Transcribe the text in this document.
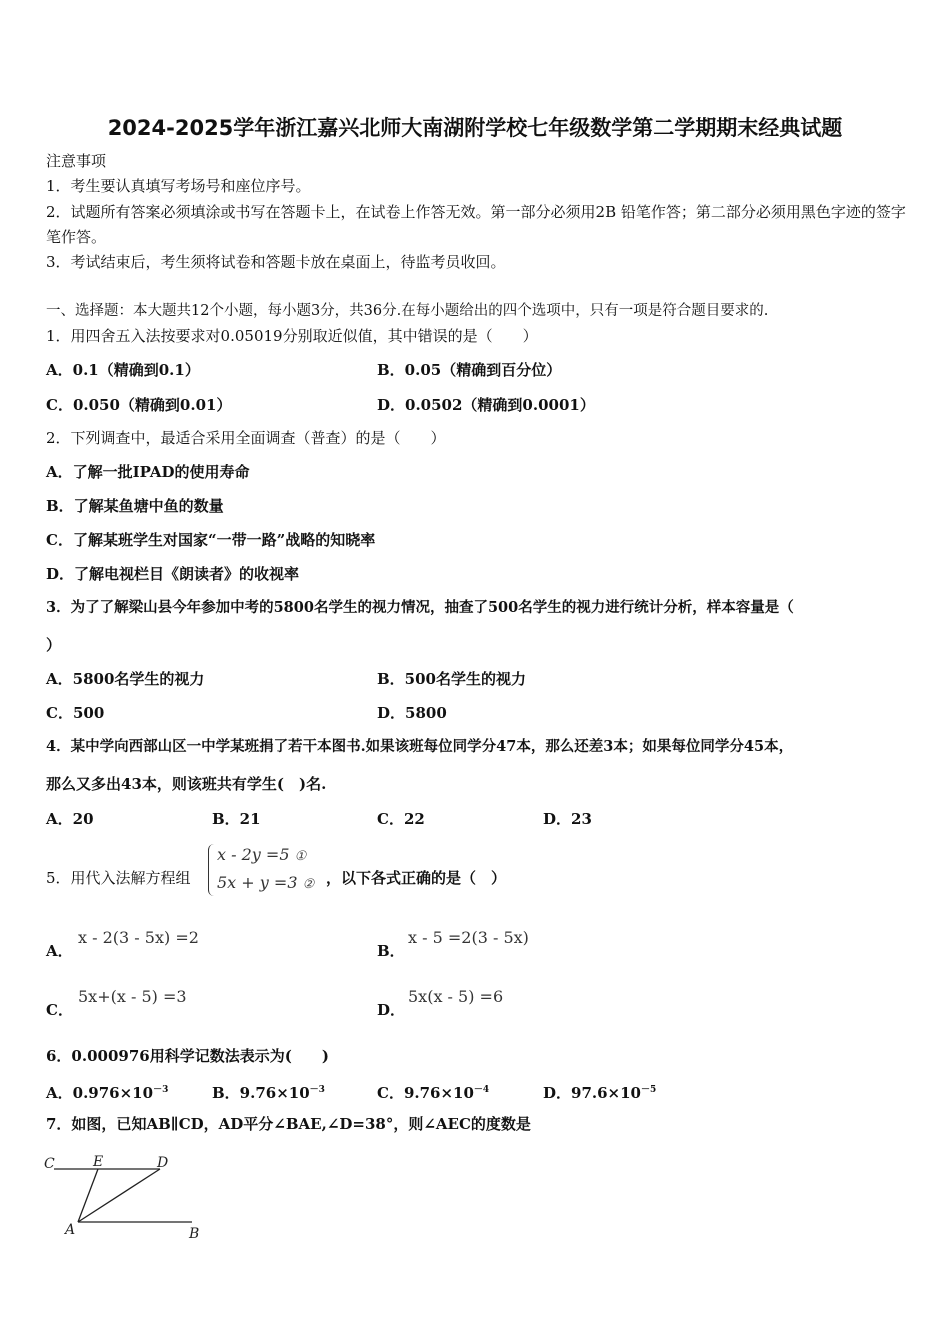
2024-2025学年浙江嘉兴北师大南湖附学校七年级数学第二学期期末经典试题
注意事项
1．考生要认真填写考场号和座位序号。
2．试题所有答案必须填涂或书写在答题卡上，在试卷上作答无效。第一部分必须用2B 铅笔作答；第二部分必须用黑色字迹的签字笔作答。
3．考试结束后，考生须将试卷和答题卡放在桌面上，待监考员收回。
一、选择题：本大题共12个小题，每小题3分，共36分.在每小题给出的四个选项中，只有一项是符合题目要求的.
1．用四舍五入法按要求对0.05019分别取近似值，其中错误的是（　　）
A．0.1（精确到0.1）	B．0.05（精确到百分位）
C．0.050（精确到0.01）	D．0.0502（精确到0.0001）
2．下列调查中，最适合采用全面调查（普查）的是（　　）
A．了解一批IPAD的使用寿命
B．了解某鱼塘中鱼的数量
C．了解某班学生对国家“一带一路”战略的知晓率
D．了解电视栏目《朗读者》的收视率
3．为了了解梁山县今年参加中考的5800名学生的视力情况，抽查了500名学生的视力进行统计分析，样本容量是（
）
A．5800名学生的视力	B．500名学生的视力
C．500	D．5800
4．某中学向西部山区一中学某班捐了若干本图书.如果该班每位同学分47本，那么还差3本；如果每位同学分45本，
那么又多出43本，则该班共有学生(　)名.
A．20	B．21	C．22	D．23
5．用代入法解方程组
x - 2y =5 ①
5x + y =3 ② ，以下各式正确的是（　）
A．
x - 2(3 - 5x) =2
B．
x - 5 =2(3 - 5x)
C．
5x+(x - 5) =3
D．
5x(x - 5) =6
6．0.000976用科学记数法表示为(　　)
A．$0.976\times 10^{-3}$	B．$9.76\times 10^{-3}$	C．$9.76\times 10^{-4}$	D．$97.6\times 10^{-5}$
7．如图，已知AB∥CD，AD平分∠BAE,∠D=38°，则∠AEC的度数是
C	E	D
A	B
